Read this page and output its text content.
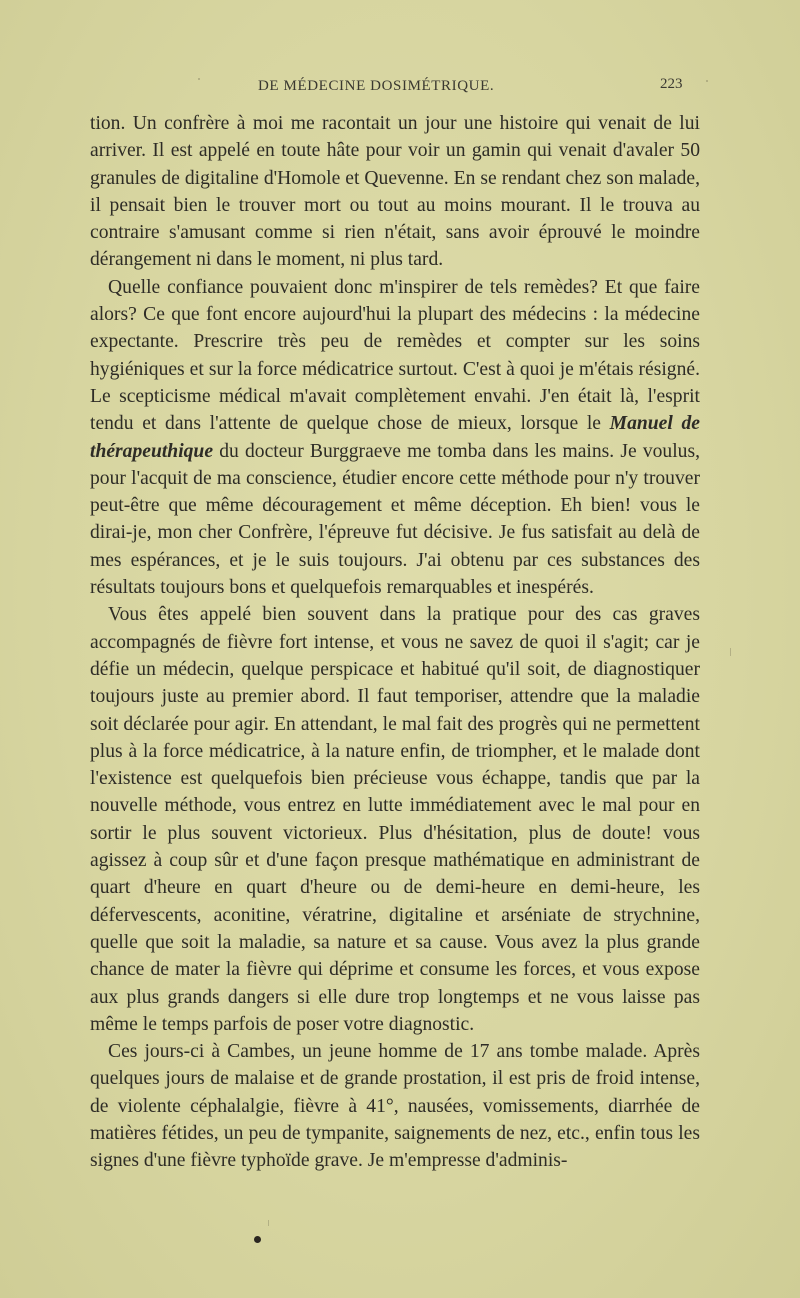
DE MÉDECINE DOSIMÉTRIQUE.	223

tion. Un confrère à moi me racontait un jour une histoire qui venait de lui arriver. Il est appelé en toute hâte pour voir un gamin qui venait d'avaler 50 granules de digitaline d'Homole et Quevenne. En se rendant chez son malade, il pensait bien le trouver mort ou tout au moins mourant. Il le trouva au contraire s'amusant comme si rien n'était, sans avoir éprouvé le moindre dérangement ni dans le moment, ni plus tard.

Quelle confiance pouvaient donc m'inspirer de tels remèdes? Et que faire alors? Ce que font encore aujourd'hui la plupart des médecins : la médecine expectante. Prescrire très peu de remèdes et compter sur les soins hygiéniques et sur la force médicatrice surtout. C'est à quoi je m'étais résigné. Le scepticisme médical m'avait complètement envahi. J'en était là, l'esprit tendu et dans l'attente de quelque chose de mieux, lorsque le Manuel de thérapeuthique du docteur Burggraeve me tomba dans les mains. Je voulus, pour l'acquit de ma conscience, étudier encore cette méthode pour n'y trouver peut-être que même découragement et même déception. Eh bien! vous le dirai-je, mon cher Confrère, l'épreuve fut décisive. Je fus satisfait au delà de mes espérances, et je le suis toujours. J'ai obtenu par ces substances des résultats toujours bons et quelquefois remarquables et inespérés.

Vous êtes appelé bien souvent dans la pratique pour des cas graves accompagnés de fièvre fort intense, et vous ne savez de quoi il s'agit; car je défie un médecin, quelque perspicace et habitué qu'il soit, de diagnostiquer toujours juste au premier abord. Il faut temporiser, attendre que la maladie soit déclarée pour agir. En attendant, le mal fait des progrès qui ne permettent plus à la force médicatrice, à la nature enfin, de triompher, et le malade dont l'existence est quelquefois bien précieuse vous échappe, tandis que par la nouvelle méthode, vous entrez en lutte immédiatement avec le mal pour en sortir le plus souvent victorieux. Plus d'hésitation, plus de doute! vous agissez à coup sûr et d'une façon presque mathématique en administrant de quart d'heure en quart d'heure ou de demi-heure en demi-heure, les défervescents, aconitine, vératrine, digitaline et arséniate de strychnine, quelle que soit la maladie, sa nature et sa cause. Vous avez la plus grande chance de mater la fièvre qui déprime et consume les forces, et vous expose aux plus grands dangers si elle dure trop longtemps et ne vous laisse pas même le temps parfois de poser votre diagnostic.

Ces jours-ci à Cambes, un jeune homme de 17 ans tombe malade. Après quelques jours de malaise et de grande prostation, il est pris de froid intense, de violente céphalalgie, fièvre à 41°, nausées, vomissements, diarrhée de matières fétides, un peu de tympanite, saignements de nez, etc., enfin tous les signes d'une fièvre typhoïde grave. Je m'empresse d'adminis-
